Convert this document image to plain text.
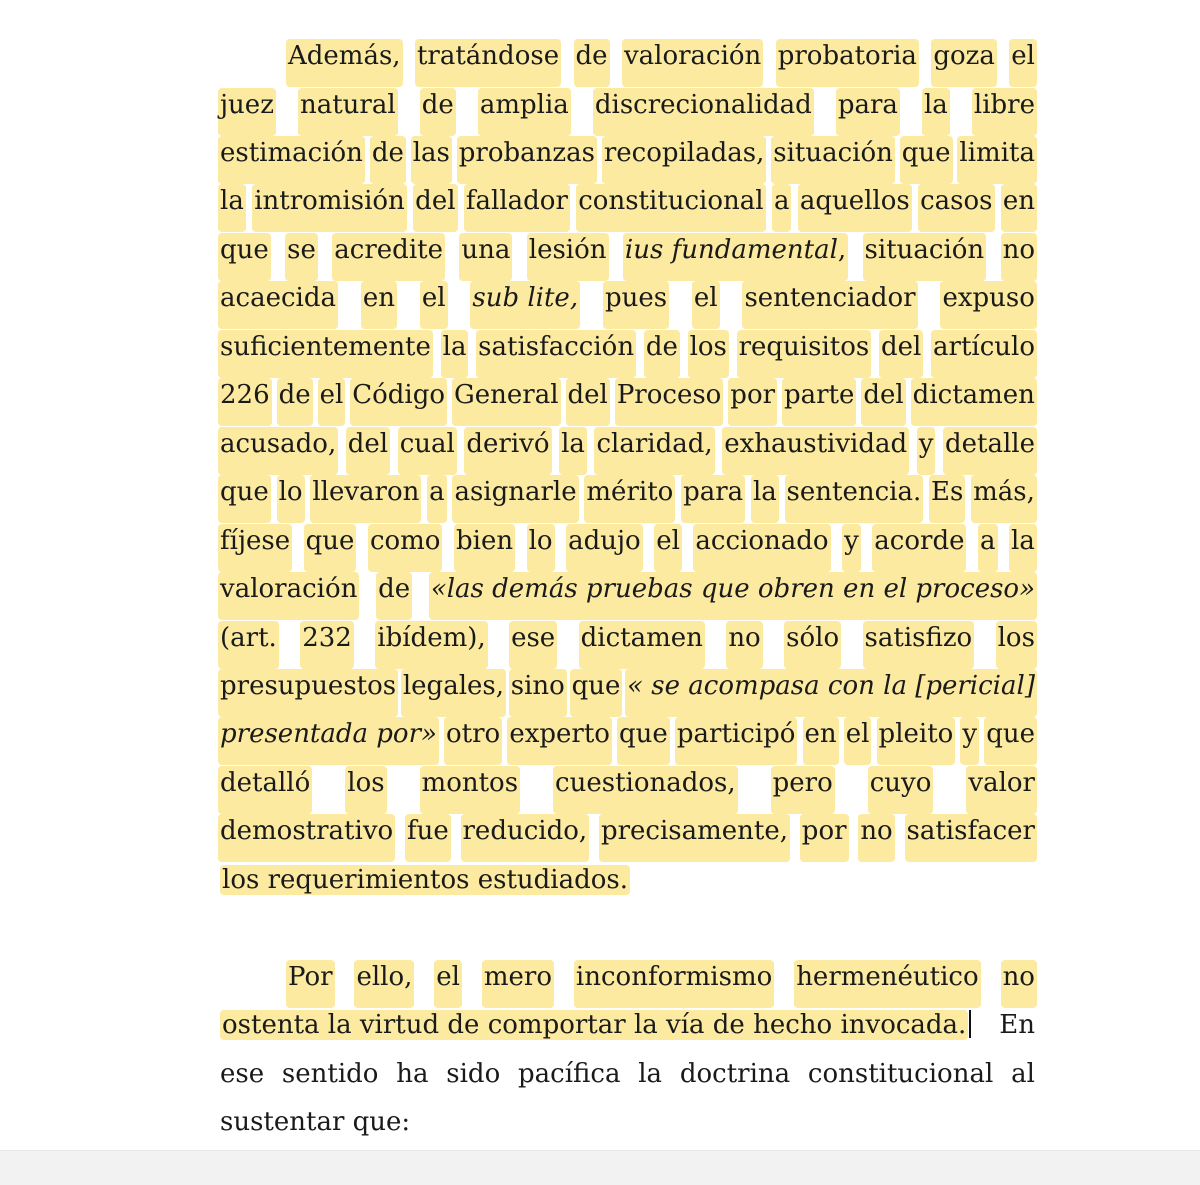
Además, tratándose de valoración probatoria goza el
juez natural de amplia discrecionalidad para la libre
estimación de las probanzas recopiladas, situación que limita
la intromisión del fallador constitucional a aquellos casos en
que se acredite una lesión ius fundamental, situación no
acaecida en el sub lite, pues el sentenciador expuso
suficientemente la satisfacción de los requisitos del artículo
226 de el Código General del Proceso por parte del dictamen
acusado, del cual derivó la claridad, exhaustividad y detalle
que lo llevaron a asignarle mérito para la sentencia. Es más,
fíjese que como bien lo adujo el accionado y acorde a la
valoración de «las demás pruebas que obren en el proceso»
(art. 232 ibídem), ese dictamen no sólo satisfizo los
presupuestos legales, sino que « se acompasa con la [pericial]
presentada por» otro experto que participó en el pleito y que
detalló los montos cuestionados, pero cuyo valor
demostrativo fue reducido, precisamente, por no satisfacer
los requerimientos estudiados.
Por ello, el mero inconformismo hermenéutico no
ostenta la virtud de comportar la vía de hecho invocada. En
ese sentido ha sido pacífica la doctrina constitucional al
sustentar que:
